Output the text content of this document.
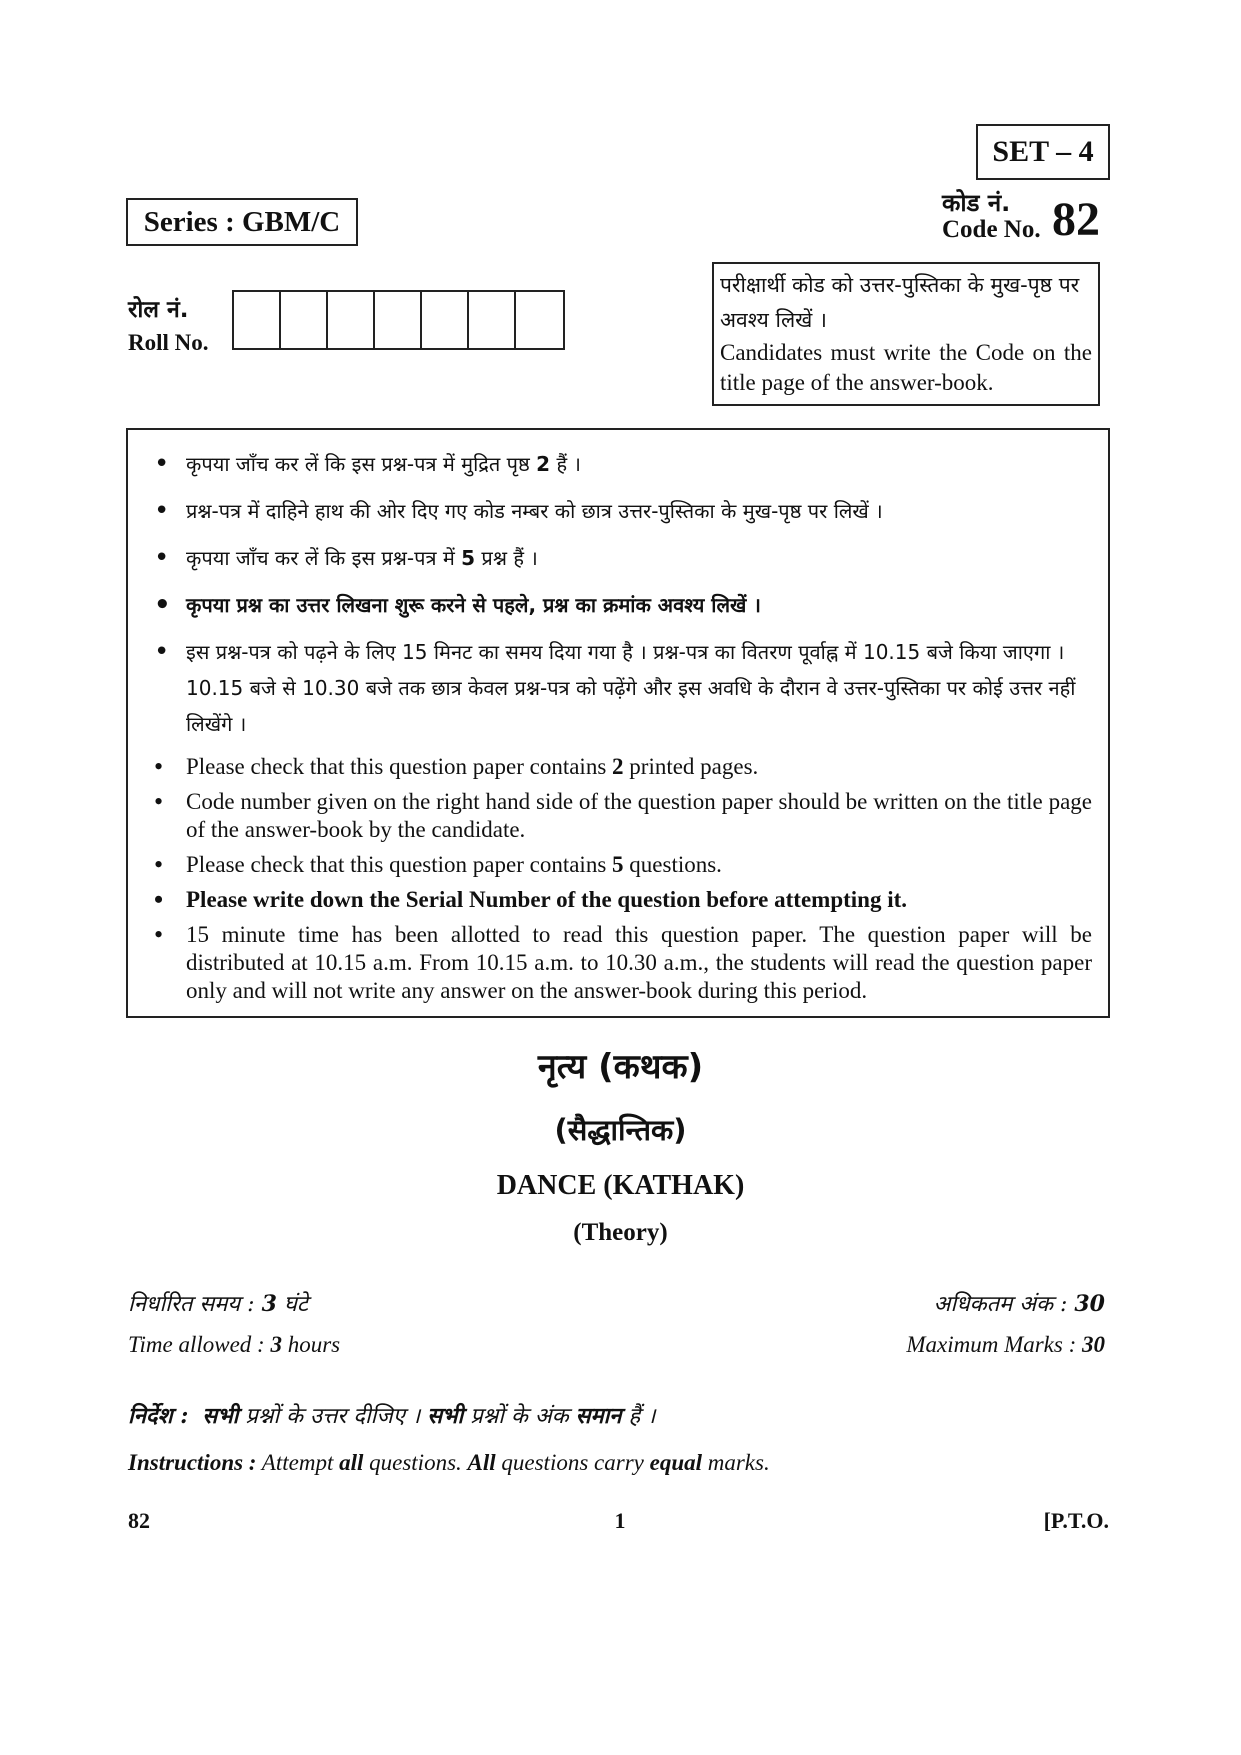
SET – 4
Series : GBM/C
कोड नं.
Code No. 82
रोल नं.
Roll No.
परीक्षार्थी कोड को उत्तर-पुस्तिका के मुख-पृष्ठ पर अवश्य लिखें ।
Candidates must write the Code on the title page of the answer-book.
• कृपया जाँच कर लें कि इस प्रश्न-पत्र में मुद्रित पृष्ठ 2 हैं ।
• प्रश्न-पत्र में दाहिने हाथ की ओर दिए गए कोड नम्बर को छात्र उत्तर-पुस्तिका के मुख-पृष्ठ पर लिखें ।
• कृपया जाँच कर लें कि इस प्रश्न-पत्र में 5 प्रश्न हैं ।
• कृपया प्रश्न का उत्तर लिखना शुरू करने से पहले, प्रश्न का क्रमांक अवश्य लिखें ।
• इस प्रश्न-पत्र को पढ़ने के लिए 15 मिनट का समय दिया गया है । प्रश्न-पत्र का वितरण पूर्वाह्न में 10.15 बजे किया जाएगा । 10.15 बजे से 10.30 बजे तक छात्र केवल प्रश्न-पत्र को पढ़ेंगे और इस अवधि के दौरान वे उत्तर-पुस्तिका पर कोई उत्तर नहीं लिखेंगे ।
• Please check that this question paper contains 2 printed pages.
• Code number given on the right hand side of the question paper should be written on the title page of the answer-book by the candidate.
• Please check that this question paper contains 5 questions.
• Please write down the Serial Number of the question before attempting it.
• 15 minute time has been allotted to read this question paper. The question paper will be distributed at 10.15 a.m. From 10.15 a.m. to 10.30 a.m., the students will read the question paper only and will not write any answer on the answer-book during this period.
नृत्य (कथक)
(सैद्धान्तिक)
DANCE (KATHAK)
(Theory)
निर्धारित समय : 3 घंटे
Time allowed : 3 hours
अधिकतम अंक : 30
Maximum Marks : 30
निर्देश : सभी प्रश्नों के उत्तर दीजिए । सभी प्रश्नों के अंक समान हैं ।
Instructions : Attempt all questions. All questions carry equal marks.
82	1	[P.T.O.
